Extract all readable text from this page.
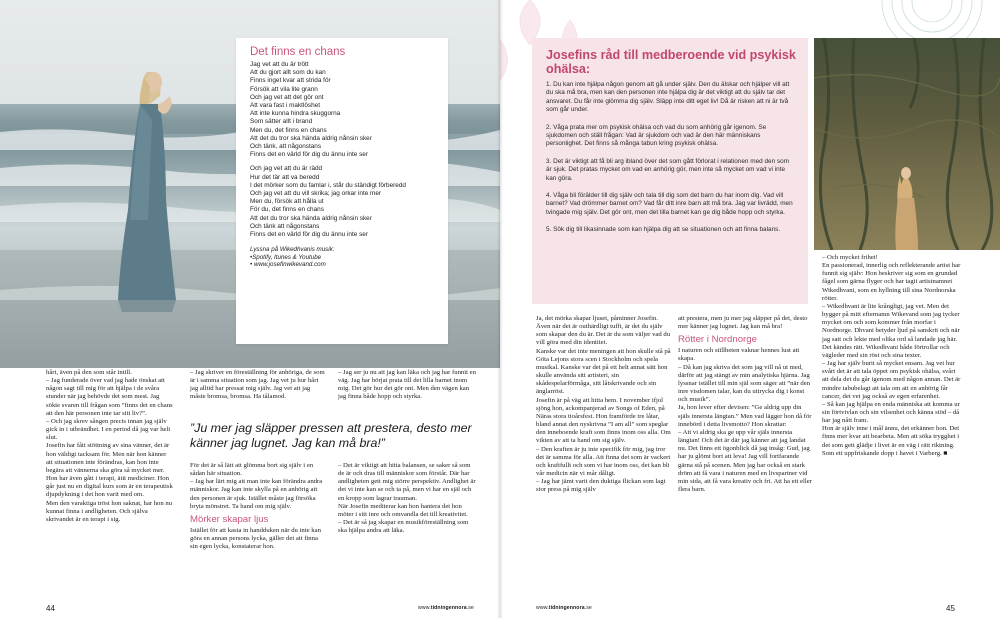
Det finns en chans
Jag vet att du är trött
Att du gjort allt som du kan
Finns inget kvar att strida för
Försök att vila lite grann
Och jag vet att det gör ont
Att vara fast i maktlöshet
Att inte kunna hindra skuggorna
Som sätter allt i brand
Men du, det finns en chans
Att det du tror ska hända aldrig nånsin sker
Och tänk, att någonstans
Finns det en värld för dig du ännu inte ser
Och jag vet att du är rädd
Hur det tär att va beredd
I det mörker som du famlar i, står du ständigt förberedd
Och jag vet att du vill skrika; jag orkar inte mer
Men du, försök att hålla ut
För du, det finns en chans
Att det du tror ska hända aldrig nånsin sker
Och tänk att någonstans
Finns det en värld för dig du ännu inte ser
Lyssna på Wikedhvanis musik:
•Spotify, Itunes & Youtube
• www.josefinwikevand.com

hårt, även på den som står intill.

– Jag funderade över vad jag hade önskat att någon sagt till mig för att hjälpa i de svåra stunder när jag behövde det som mest. Jag sökte svaren till frågan som ”finns det en chans att den här personen inte tar sitt liv?”.

– Och jag skrev sången precis innan jag själv gick in i utbrändhet. I en period då jag var helt slut.

Josefin har fått stöttning av sina vänner, det är hon väldigt tacksam för. Men när hon känner att situationen inte förändras, kan hon inte begära att vännerna ska göra så mycket mer. Hon har även gått i terapi, ätit mediciner. Hon går just nu en digital kurs som är en terapeutisk djupdykning i det hon varit med om.

Men den varaktiga tröst hon saknat, har hon nu kunnat finna i andligheten. Och själva skrivandet är en terapi i sig.

– Jag skriver en föreställning för anhöriga, de som är i samma situation som jag. Jag vet ju hur hårt jag alltid har pressat mig själv. Jag vet att jag måste bromsa, bromsa. Ha tålamod.

”Ju mer jag släpper pressen att prestera, desto mer känner jag lugnet. Jag kan må bra!”

För det är så lätt att glömma bort sig själv i en sådan här situation.

– Jag har lärt mig att man inte kan förändra andra människor. Jag kan inte skylla på en anhörig att den personen är sjuk. Istället måste jag försöka bryta mönstret. Ta hand om mig själv.

Mörker skapar ljus

Istället för att kasta in handduken när du inte kan göra en annan persons lycka, gäller det att finna sin egen lycka, konstaterar hon.

– Jag ser ju nu att jag kan läka och jag har funnit en väg. Jag har börjat prata till det lilla barnet inom mig. Det gör hur det gör ont. Men den vägen kan jag finna både hopp och styrka.

– Det är viktigt att hitta balansen, se saker så som de är och dras till människor som förstår. Där har andligheten gett mig större perspektiv. Andlighet är det vi inte kan se och ta på, men vi har en själ och en kropp som lagrar trauman.

När Josefin mediterar kan hon hantera det hon möter i sitt inre och omvandla det till kreativitet.

– Det är så jag skapar en musikföreställning som ska hjälpa andra att läka.

44	www.tidningennora.se
Josefins råd till medberoende vid psykisk ohälsa:
1. Du kan inte hjälpa någon genom att gå under själv. Den du älskar och hjälper vill att du ska må bra, men kan den personen inte hjälpa dig är det viktigt att du själv tar det ansvaret. Du får inte glömma dig själv. Släpp inte ditt eget liv! Då är risken att ni är två som går under.
2. Våga prata mer om psykisk ohälsa och vad du som anhörig går igenom. Se sjukdomen och ställ frågan: Vad är sjukdom och vad är den här människans personlighet. Det finns så många tabun kring psykisk ohälsa.
3. Det är viktigt att få bli arg ibland över det som gått förlorat i relationen med den som är sjuk. Det pratas mycket om vad en anhörig gör, men inte så mycket om vad vi inte kan göra.
4. Våga bli förälder till dig själv och tala till dig som det barn du har inom dig. Vad vill barnet? Vad drömmer barnet om? Vad får ditt inre barn att må bra. Jag var livrädd, men tvingade mig själv. Det gör ont, men det lilla barnet kan ge dig både hopp och styrka.
5. Sök dig till likasinnade som kan hjälpa dig att se situationen och att finna balans.

Ja, det mörka skapar ljuset, påminner Josefin. Även när det är outhärdligt tufft, är det du själv som skapar den du är. Det är du som väljer vad du vill göra med din identitet.

Kanske var det inte meningen att hon skulle stå på Göta Lejons stora scen i Stockholm och spela musikal. Kanske var det på ett helt annat sätt hon skulle använda sitt artisteri, sin skådespelarförmåga, sitt låtskrivande och sin änglarröst.

Josefin är på väg att hitta hem. I november ifjol sjöng hon, ackompanjerad av Songs of Eden, på Näras stora tioårsfest. Hon framförde tre låtar, bland annat den nyskrivna ”I am all” som speglar den inneboende kraft som finns inom oss alla. Om vikten av att ta hand om sig själv.

– Den kraften är ju inte specifik för mig, jag tror det är samma för alla. Att finna det som är vackert och kraftfullt och som vi har inom oss, det kan bli vår medicin när vi mår dåligt.

– Jag har jämt varit den duktiga flickan som lagt stor press på mig själv

att prestera, men ju mer jag släpper på det, desto mer känner jag lugnet. Jag kan må bra!

Rötter i Nordnorge

I naturen och stillheten vaknar hennes lust att skapa.

– Då kan jag skriva det som jag vill nå ut med, därför att jag stängt av min analytiska hjärna. Jag lyssnar istället till min själ som säger att ”när den inre visdomen talar, kan du uttrycka dig i konst och musik”.

Ja, hon lever efter devisen: ”Ge aldrig upp din själs innersta längtan.” Men vad lägger hon då för innebörd i detta livsmotto? Hon skrattar:

– Att vi aldrig ska ge upp vår själs innersta längtan! Och det är där jag känner att jag landat nu. Det finns ett ögonblick då jag insåg: Gud, jag har ju glömt bort att leva! Jag vill fortfarande gärna stå på scenen. Men jag har också en stark dröm att få vara i naturen med en livspartner vid min sida, att få vara kreativ och fri. Att ha ett eller flera barn.

– Och mycket frihet!

En passionerad, innerlig och reflekterande artist har funnit sig själv: Hon beskriver sig som en grundad fågel som gärna flyger och har tagit artistnamnet Wikedhvani, som en hyllning till sina Nordnorska rötter.

– Wikedhvani är lite krångligt, jag vet. Men det bygger på mitt efternamn Wikevand som jag tycker mycket om och som kommer från morfar i Nordnorge. Dhvani betyder ljud på sanskrit och när jag satt och lekte med olika ord så landade jag här. Det kändes rätt. Wikedhvani både förtrollar och vägleder med sin röst och sina texter.

– Jag har själv burit så mycket ensam. Jag vet hur svårt det är att tala öppet om psykisk ohälsa, svårt att dela det du går igenom med någon annan. Det är mindre tabubelagt att tala om att en anhörig får cancer, det vet jag också av egen erfarenhet.

– Så kan jag hjälpa en enda människa att komma ur sin förtvivlan och sin vilsenhet och känna stöd – då har jag nått fram.

Hon är själv inne i mål ännu, det erkänner hon. Det finns mer kvar att bearbeta. Men att söka trygghet i det som gett glädje i livet är en väg i rätt riktning. Som ett uppfriskande dopp i havet i Varberg. ■

www.tidningennora.se	45
